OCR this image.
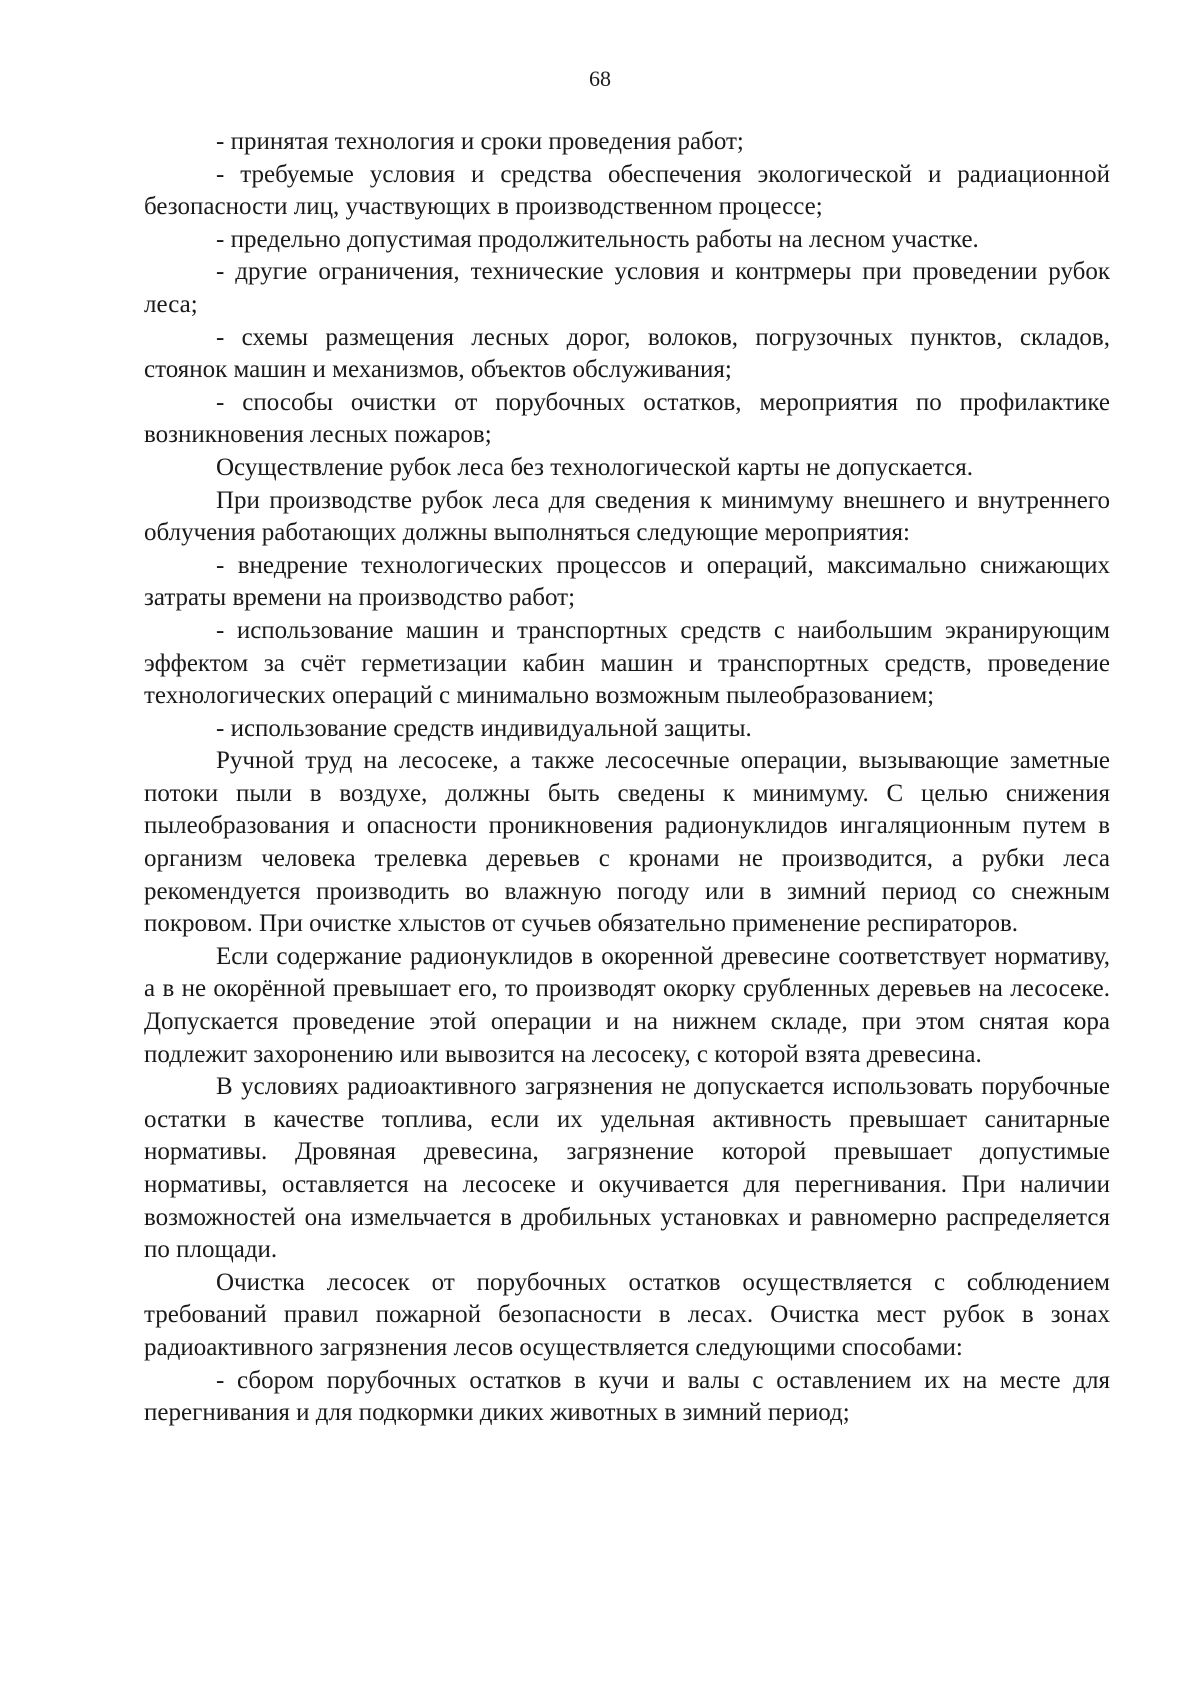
68

- принятая технология и сроки проведения работ;

- требуемые условия и средства обеспечения экологической и радиационной безопасности лиц, участвующих в производственном процессе;

- предельно допустимая продолжительность работы на лесном участке.

- другие ограничения, технические условия и контрмеры при проведении рубок леса;

- схемы размещения лесных дорог, волоков, погрузочных пунктов, складов, стоянок машин и механизмов, объектов обслуживания;

- способы очистки от порубочных остатков, мероприятия по профилактике возникновения лесных пожаров;

Осуществление рубок леса без технологической карты не допускается.

При производстве рубок леса для сведения к минимуму внешнего и внутреннего облучения работающих должны выполняться следующие мероприятия:

- внедрение технологических процессов и операций, максимально снижающих затраты времени на производство работ;

- использование машин и транспортных средств с наибольшим экранирующим эффектом за счёт герметизации кабин машин и транспортных средств, проведение технологических операций с минимально возможным пылеобразованием;

- использование средств индивидуальной защиты.

Ручной труд на лесосеке, а также лесосечные операции, вызывающие заметные потоки пыли в воздухе, должны быть сведены к минимуму. С целью снижения пылеобразования и опасности проникновения радионуклидов ингаляционным путем в организм человека трелевка деревьев с кронами не производится, а рубки леса рекомендуется производить во влажную погоду или в зимний период со снежным покровом. При очистке хлыстов от сучьев обязательно применение респираторов.

Если содержание радионуклидов в окоренной древесине соответствует нормативу, а в не окорённой превышает его, то производят окорку срубленных деревьев на лесосеке. Допускается проведение этой операции и на нижнем складе, при этом снятая кора подлежит захоронению или вывозится на лесосеку, с которой взята древесина.

В условиях радиоактивного загрязнения не допускается использовать порубочные остатки в качестве топлива, если их удельная активность превышает санитарные нормативы. Дровяная древесина, загрязнение которой превышает допустимые нормативы, оставляется на лесосеке и окучивается для перегнивания. При наличии возможностей она измельчается в дробильных установках и равномерно распределяется по площади.

Очистка лесосек от порубочных остатков осуществляется с соблюдением требований правил пожарной безопасности в лесах. Очистка мест рубок в зонах радиоактивного загрязнения лесов осуществляется следующими способами:

- сбором порубочных остатков в кучи и валы с оставлением их на месте для перегнивания и для подкормки диких животных в зимний период;
